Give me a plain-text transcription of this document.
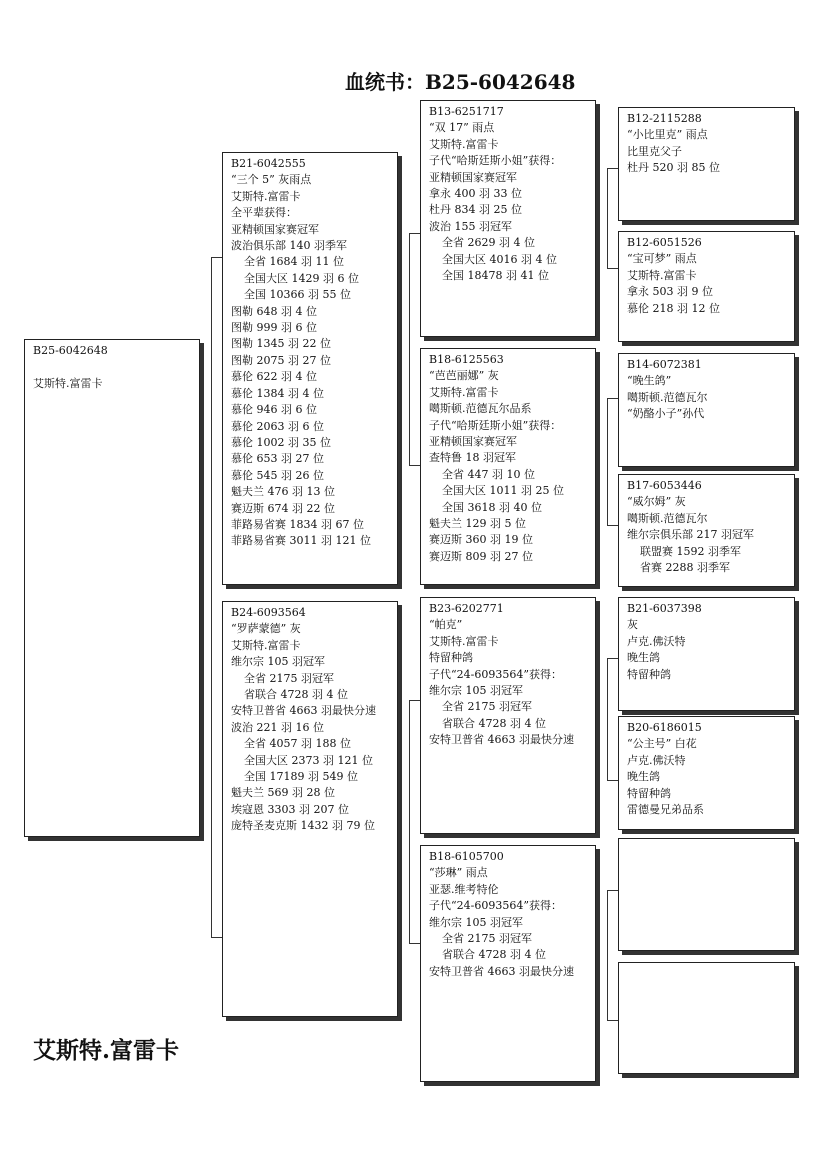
血统书：B25-6042648
B25-6042648
艾斯特.富雷卡
B21-6042555
“三个 5” 灰雨点
艾斯特.富雷卡
全平辈获得：
亚精顿国家赛冠军
波治俱乐部 140 羽季军
全省 1684 羽 11 位
全国大区 1429 羽 6 位
全国 10366 羽 55 位
图勒 648 羽 4 位
图勒 999 羽 6 位
图勒 1345 羽 22 位
图勒 2075 羽 27 位
慕伦 622 羽 4 位
慕伦 1384 羽 4 位
慕伦 946 羽 6 位
慕伦 2063 羽 6 位
慕伦 1002 羽 35 位
慕伦 653 羽 27 位
慕伦 545 羽 26 位
魁夫兰 476 羽 13 位
赛迈斯 674 羽 22 位
菲路易省赛 1834 羽 67 位
菲路易省赛 3011 羽 121 位
B24-6093564
“罗萨蒙德” 灰
艾斯特.富雷卡
维尔宗 105 羽冠军
全省 2175 羽冠军
省联合 4728 羽 4 位
安特卫普省 4663 羽最快分速
波治 221 羽 16 位
全省 4057 羽 188 位
全国大区 2373 羽 121 位
全国 17189 羽 549 位
魁夫兰 569 羽 28 位
埃寇恩 3303 羽 207 位
庞特圣麦克斯 1432 羽 79 位
B13-6251717
“双 17” 雨点
艾斯特.富雷卡
子代“哈斯廷斯小姐”获得：
亚精顿国家赛冠军
拿永 400 羽 33 位
杜丹 834 羽 25 位
波治 155 羽冠军
全省 2629 羽 4 位
全国大区 4016 羽 4 位
全国 18478 羽 41 位
B18-6125563
“芭芭丽娜” 灰
艾斯特.富雷卡
噶斯顿.范德瓦尔品系
子代“哈斯廷斯小姐”获得：
亚精顿国家赛冠军
查特鲁 18 羽冠军
全省 447 羽 10 位
全国大区 1011 羽 25 位
全国 3618 羽 40 位
魁夫兰 129 羽 5 位
赛迈斯 360 羽 19 位
赛迈斯 809 羽 27 位
B23-6202771
“帕克”
艾斯特.富雷卡
特留种鸽
子代“24-6093564”获得：
维尔宗 105 羽冠军
全省 2175 羽冠军
省联合 4728 羽 4 位
安特卫普省 4663 羽最快分速
B18-6105700
“莎琳” 雨点
亚瑟.维考特伦
子代“24-6093564”获得：
维尔宗 105 羽冠军
全省 2175 羽冠军
省联合 4728 羽 4 位
安特卫普省 4663 羽最快分速
B12-2115288
“小比里克” 雨点
比里克父子
杜丹 520 羽 85 位
B12-6051526
“宝可梦” 雨点
艾斯特.富雷卡
拿永 503 羽 9 位
慕伦 218 羽 12 位
B14-6072381
“晚生鸽”
噶斯顿.范德瓦尔
“奶酪小子”孙代
B17-6053446
“威尔姆” 灰
噶斯顿.范德瓦尔
维尔宗俱乐部 217 羽冠军
联盟赛 1592 羽季军
省赛 2288 羽季军
B21-6037398
灰
卢克.佛沃特
晚生鸽
特留种鸽
B20-6186015
“公主号” 白花
卢克.佛沃特
晚生鸽
特留种鸽
雷德曼兄弟品系
艾斯特.富雷卡
